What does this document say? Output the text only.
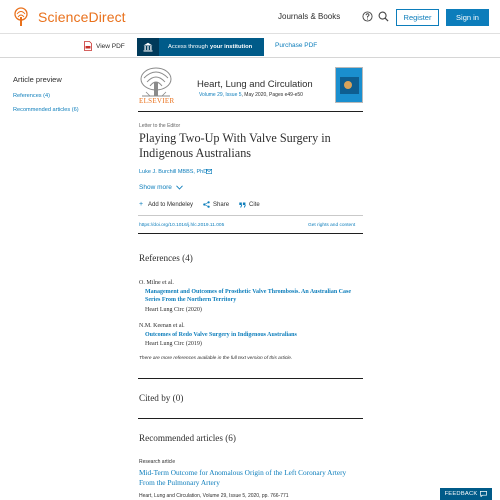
ScienceDirect	Journals & Books	Register	Sign in
View PDF	Access through your institution	Purchase PDF
Article preview
References (4)
Recommended articles (6)
ELSEVIER
Heart, Lung and Circulation
Volume 29, Issue 5, May 2020, Pages e49-e50
Letter to the Editor
Playing Two-Up With Valve Surgery in Indigenous Australians
Luke J. Burchill MBBS, PhD
Show more
+ Add to Mendeley	Share	Cite
https://doi.org/10.1016/j.hlc.2019.11.005	Get rights and content
References (4)
O. Milne et al.
Management and Outcomes of Prosthetic Valve Thrombosis. An Australian Case Series From the Northern Territory
Heart Lung Circ (2020)
N.M. Keenan et al.
Outcomes of Redo Valve Surgery in Indigenous Australians
Heart Lung Circ (2019)
There are more references available in the full text version of this article.
Cited by (0)
Recommended articles (6)
Research article
Mid-Term Outcome for Anomalous Origin of the Left Coronary Artery From the Pulmonary Artery
Heart, Lung and Circulation, Volume 29, Issue 5, 2020, pp. 766-771	FEEDBACK
